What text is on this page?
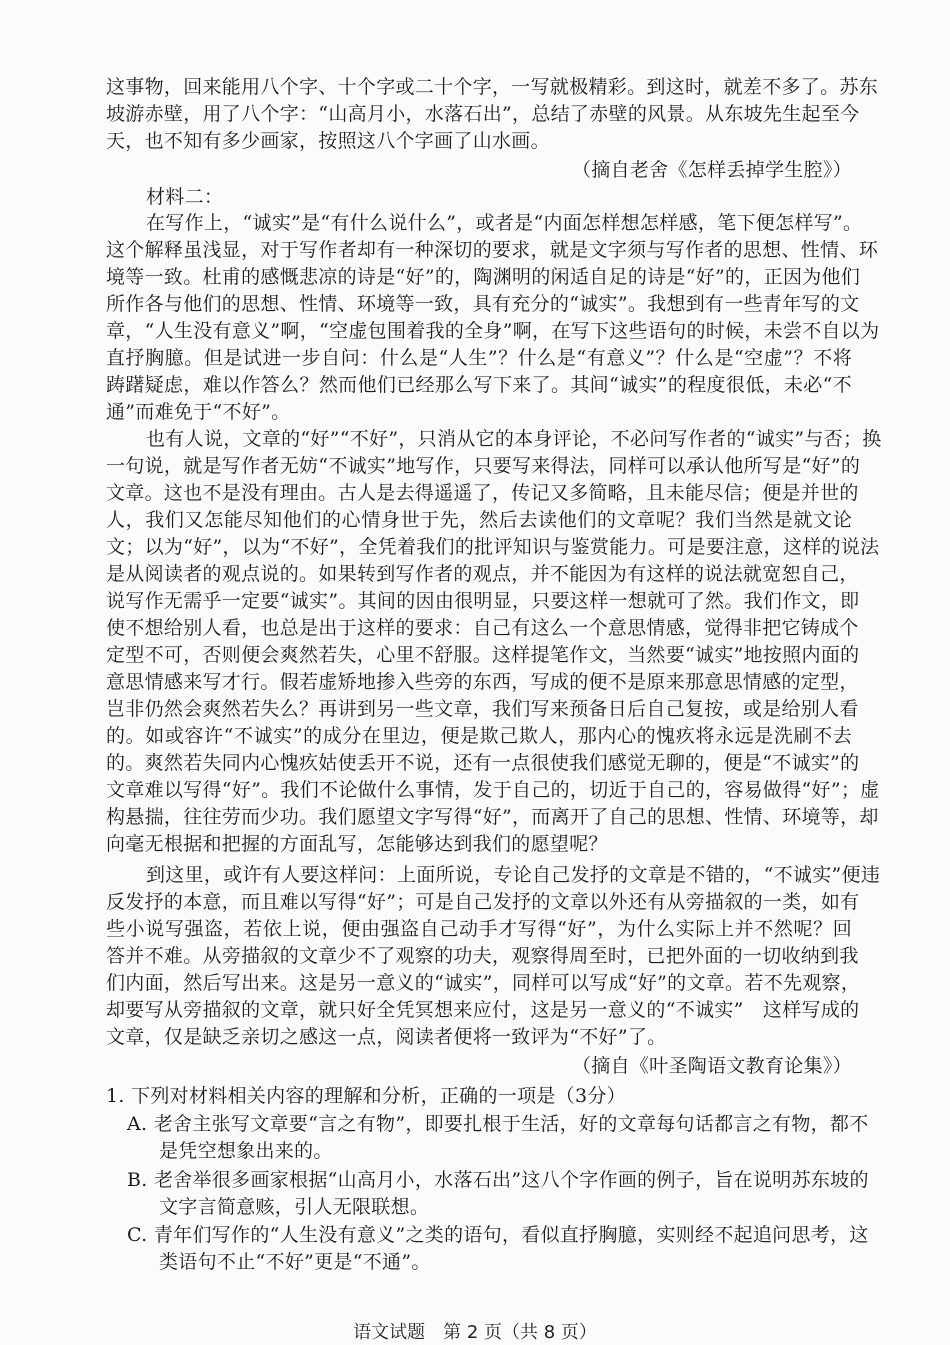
这事物，回来能用八个字、十个字或二十个字，一写就极精彩。到这时，就差不多了。苏东
坡游赤壁，用了八个字：“山高月小，水落石出”，总结了赤壁的风景。从东坡先生起至今
天，也不知有多少画家，按照这八个字画了山水画。
（摘自老舍《怎样丢掉学生腔》）
材料二：
在写作上，“诚实”是“有什么说什么”，或者是“内面怎样想怎样感，笔下便怎样写”。
这个解释虽浅显，对于写作者却有一种深切的要求，就是文字须与写作者的思想、性情、环
境等一致。杜甫的感慨悲凉的诗是“好”的，陶渊明的闲适自足的诗是“好”的，正因为他们
所作各与他们的思想、性情、环境等一致，具有充分的“诚实”。我想到有一些青年写的文
章，“人生没有意义”啊，“空虚包围着我的全身”啊，在写下这些语句的时候，未尝不自以为
直抒胸臆。但是试进一步自问：什么是“人生”？什么是“有意义”？什么是“空虚”？不将
踌躇疑虑，难以作答么？然而他们已经那么写下来了。其间“诚实”的程度很低，未必“不
通”而难免于“不好”。
也有人说，文章的“好”“不好”，只消从它的本身评论，不必问写作者的“诚实”与否；换
一句说，就是写作者无妨“不诚实”地写作，只要写来得法，同样可以承认他所写是“好”的
文章。这也不是没有理由。古人是去得遥遥了，传记又多简略，且未能尽信；便是并世的
人，我们又怎能尽知他们的心情身世于先，然后去读他们的文章呢？我们当然是就文论
文；以为“好”，以为“不好”，全凭着我们的批评知识与鉴赏能力。可是要注意，这样的说法
是从阅读者的观点说的。如果转到写作者的观点，并不能因为有这样的说法就宽恕自己，
说写作无需乎一定要“诚实”。其间的因由很明显，只要这样一想就可了然。我们作文，即
使不想给别人看，也总是出于这样的要求：自己有这么一个意思情感，觉得非把它铸成个
定型不可，否则便会爽然若失，心里不舒服。这样提笔作文，当然要“诚实”地按照内面的
意思情感来写才行。假若虚矫地掺入些旁的东西，写成的便不是原来那意思情感的定型，
岂非仍然会爽然若失么？再讲到另一些文章，我们写来预备日后自己复按，或是给别人看
的。如或容许“不诚实”的成分在里边，便是欺己欺人，那内心的愧疚将永远是洗刷不去
的。爽然若失同内心愧疚姑使丢开不说，还有一点很使我们感觉无聊的，便是“不诚实”的
文章难以写得“好”。我们不论做什么事情，发于自己的，切近于自己的，容易做得“好”；虚
构悬揣，往往劳而少功。我们愿望文字写得“好”，而离开了自己的思想、性情、环境等，却
向毫无根据和把握的方面乱写，怎能够达到我们的愿望呢？
到这里，或许有人要这样问：上面所说，专论自己发抒的文章是不错的，“不诚实”便违
反发抒的本意，而且难以写得“好”；可是自己发抒的文章以外还有从旁描叙的一类，如有
些小说写强盗，若依上说，便由强盗自己动手才写得“好”，为什么实际上并不然呢？回
答并不难。从旁描叙的文章少不了观察的功夫，观察得周至时，已把外面的一切收纳到我
们内面，然后写出来。这是另一意义的“诚实”，同样可以写成“好”的文章。若不先观察，
却要写从旁描叙的文章，就只好全凭冥想来应付，这是另一意义的“不诚实”　这样写成的
文章，仅是缺乏亲切之感这一点，阅读者便将一致评为“不好”了。
（摘自《叶圣陶语文教育论集》）
1. 下列对材料相关内容的理解和分析，正确的一项是（3分）
A. 老舍主张写文章要“言之有物”，即要扎根于生活，好的文章每句话都言之有物，都不
是凭空想象出来的。
B. 老舍举很多画家根据“山高月小，水落石出”这八个字作画的例子，旨在说明苏东坡的
文字言简意赅，引人无限联想。
C. 青年们写作的“人生没有意义”之类的语句，看似直抒胸臆，实则经不起追问思考，这
类语句不止“不好”更是“不通”。
语文试题　第 2 页（共 8 页）
